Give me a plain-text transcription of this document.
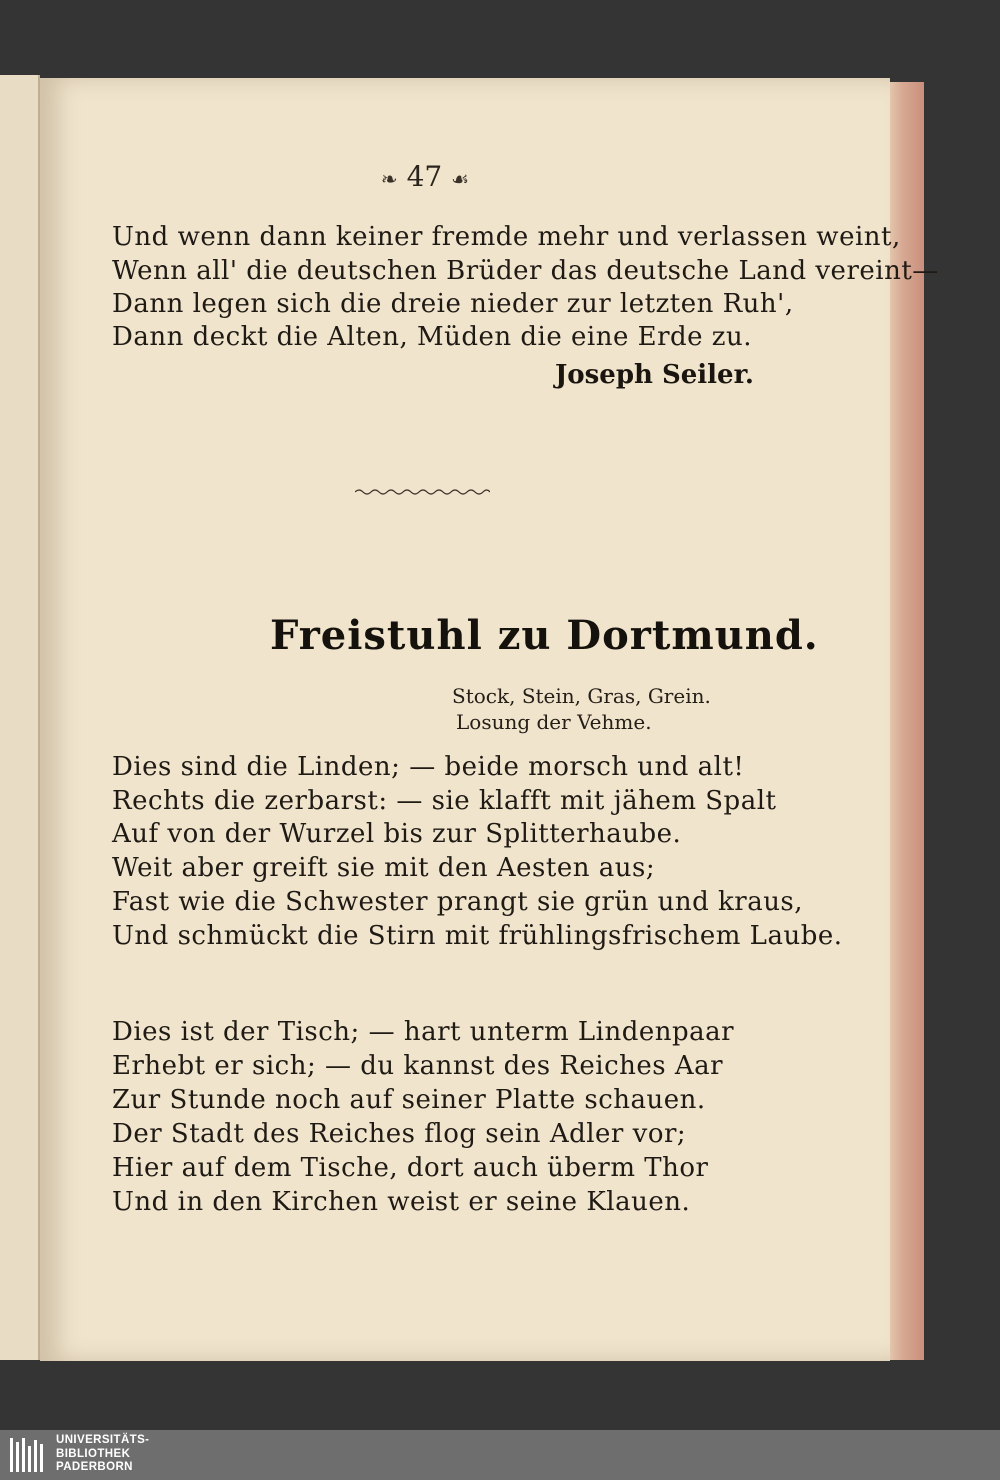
❧ 47 ☙
Und wenn dann keiner fremde mehr und verlassen weint,
Wenn all' die deutschen Brüder das deutsche Land vereint—
Dann legen sich die dreie nieder zur letzten Ruh',
Dann deckt die Alten, Müden die eine Erde zu.
Joseph Seiler.
Freistuhl zu Dortmund.
Stock, Stein, Gras, Grein.
Losung der Vehme.
Dies sind die Linden; — beide morsch und alt!
Rechts die zerbarst: — sie klafft mit jähem Spalt
Auf von der Wurzel bis zur Splitterhaube.
Weit aber greift sie mit den Aesten aus;
Fast wie die Schwester prangt sie grün und kraus,
Und schmückt die Stirn mit frühlingsfrischem Laube.
Dies ist der Tisch; — hart unterm Lindenpaar
Erhebt er sich; — du kannst des Reiches Aar
Zur Stunde noch auf seiner Platte schauen.
Der Stadt des Reiches flog sein Adler vor;
Hier auf dem Tische, dort auch überm Thor
Und in den Kirchen weist er seine Klauen.
UNIVERSITÄTS-
BIBLIOTHEK
PADERBORN
